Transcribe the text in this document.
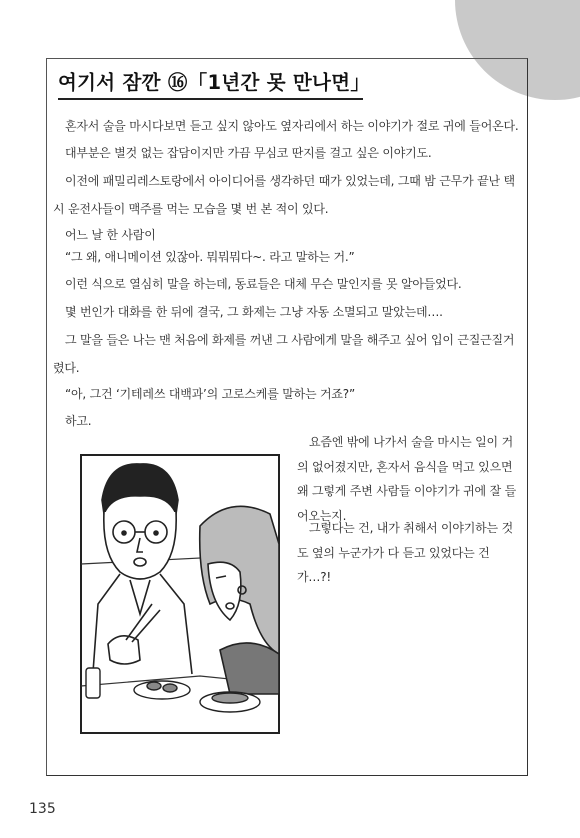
여기서 잠깐 ⑯「1년간 못 만나면」

혼자서 술을 마시다보면 듣고 싶지 않아도 옆자리에서 하는 이야기가 절로 귀에 들어온다.

대부분은 별것 없는 잡담이지만 가끔 무심코 딴지를 걸고 싶은 이야기도.

이전에 패밀리레스토랑에서 아이디어를 생각하던 때가 있었는데, 그때 밤 근무가 끝난 택시 운전사들이 맥주를 먹는 모습을 몇 번 본 적이 있다.

어느 날 한 사람이

“그 왜, 애니메이션 있잖아. 뭐뭐뭐다~. 라고 말하는 거.”

이런 식으로 열심히 말을 하는데, 동료들은 대체 무슨 말인지를 못 알아들었다.

몇 번인가 대화를 한 뒤에 결국, 그 화제는 그냥 자동 소멸되고 말았는데….

그 말을 들은 나는 맨 처음에 화제를 꺼낸 그 사람에게 말을 해주고 싶어 입이 근질근질거렸다.

“아, 그건 ‘기테레쓰 대백과’의 고로스케를 말하는 거죠?”

하고.

요즘엔 밖에 나가서 술을 마시는 일이 거의 없어졌지만, 혼자서 음식을 먹고 있으면 왜 그렇게 주변 사람들 이야기가 귀에 잘 들어오는지.

그렇다는 건, 내가 취해서 이야기하는 것도 옆의 누군가가 다 듣고 있었다는 건가…?!

135
